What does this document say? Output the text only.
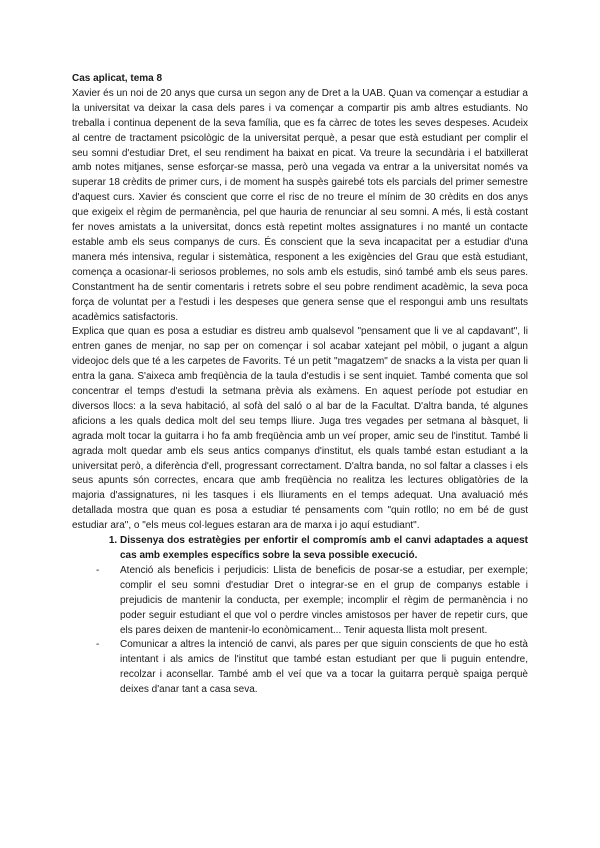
Cas aplicat, tema 8

Xavier és un noi de 20 anys que cursa un segon any de Dret a la UAB. Quan va començar a estudiar a la universitat va deixar la casa dels pares i va començar a compartir pis amb altres estudiants. No treballa i continua depenent de la seva família, que es fa càrrec de totes les seves despeses. Acudeix al centre de tractament psicològic de la universitat perquè, a pesar que està estudiant per complir el seu somni d'estudiar Dret, el seu rendiment ha baixat en picat. Va treure la secundària i el batxillerat amb notes mitjanes, sense esforçar-se massa, però una vegada va entrar a la universitat només va superar 18 crèdits de primer curs, i de moment ha suspès gairebé tots els parcials del primer semestre d'aquest curs. Xavier és conscient que corre el risc de no treure el mínim de 30 crèdits en dos anys que exigeix el règim de permanència, pel que hauria de renunciar al seu somni. A més, li està costant fer noves amistats a la universitat, doncs està repetint moltes assignatures i no manté un contacte estable amb els seus companys de curs. És conscient que la seva incapacitat per a estudiar d'una manera més intensiva, regular i sistemàtica, responent a les exigències del Grau que està estudiant, comença a ocasionar-li seriosos problemes, no sols amb els estudis, sinó també amb els seus pares. Constantment ha de sentir comentaris i retrets sobre el seu pobre rendiment acadèmic, la seva poca força de voluntat per a l'estudi i les despeses que genera sense que el respongui amb uns resultats acadèmics satisfactoris.

Explica que quan es posa a estudiar es distreu amb qualsevol "pensament que li ve al capdavant", li entren ganes de menjar, no sap per on començar i sol acabar xatejant pel mòbil, o jugant a algun videojoc dels que té a les carpetes de Favorits. Té un petit "magatzem" de snacks a la vista per quan li entra la gana. S'aixeca amb freqüència de la taula d'estudis i se sent inquiet. També comenta que sol concentrar el temps d'estudi la setmana prèvia als exàmens. En aquest període pot estudiar en diversos llocs: a la seva habitació, al sofà del saló o al bar de la Facultat. D'altra banda, té algunes aficions a les quals dedica molt del seu temps lliure. Juga tres vegades per setmana al bàsquet, li agrada molt tocar la guitarra i ho fa amb freqüència amb un veí proper, amic seu de l'institut. També li agrada molt quedar amb els seus antics companys d'institut, els quals també estan estudiant a la universitat però, a diferència d'ell, progressant correctament. D'altra banda, no sol faltar a classes i els seus apunts són correctes, encara que amb freqüència no realitza les lectures obligatòries de la majoria d'assignatures, ni les tasques i els lliuraments en el temps adequat. Una avaluació més detallada mostra que quan es posa a estudiar té pensaments com "quin rotllo; no em bé de gust estudiar ara", o "els meus col·legues estaran ara de marxa i jo aquí estudiant".

1. Dissenya dos estratègies per enfortir el compromís amb el canvi adaptades a aquest cas amb exemples específics sobre la seva possible execució.
- Atenció als beneficis i perjudicis: Llista de beneficis de posar-se a estudiar, per exemple; complir el seu somni d'estudiar Dret o integrar-se en el grup de companys estable i prejudicis de mantenir la conducta, per exemple; incomplir el règim de permanència i no poder seguir estudiant el que vol o perdre vincles amistosos per haver de repetir curs, que els pares deixen de mantenir-lo econòmicament... Tenir aquesta llista molt present.
- Comunicar a altres la intenció de canvi, als pares per que siguin conscients de que ho està intentant i als amics de l'institut que també estan estudiant per que li puguin entendre, recolzar i aconsellar. També amb el veí que va a tocar la guitarra perquè spaiga perquè deixes d'anar tant a casa seva.
